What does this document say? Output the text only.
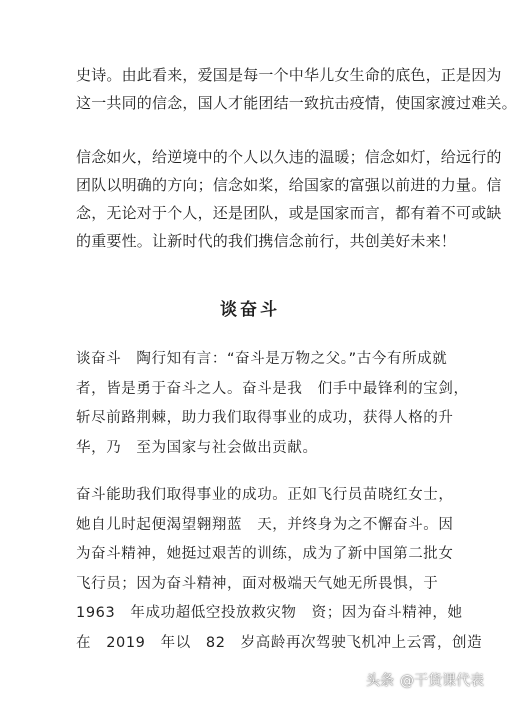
史诗。由此看来，爱国是每一个中华儿女生命的底色，正是因为
这一共同的信念，国人才能团结一致抗击疫情，使国家渡过难关。
信念如火，给逆境中的个人以久违的温暖；信念如灯，给远行的
团队以明确的方向；信念如桨，给国家的富强以前进的力量。信
念，无论对于个人，还是团队，或是国家而言，都有着不可或缺
的重要性。让新时代的我们携信念前行，共创美好未来！
谈奋斗
谈奋斗　陶行知有言：“奋斗是万物之父。”古今有所成就
者，皆是勇于奋斗之人。奋斗是我　们手中最锋利的宝剑，
斩尽前路荆棘，助力我们取得事业的成功，获得人格的升
华，乃　至为国家与社会做出贡献。
奋斗能助我们取得事业的成功。正如飞行员苗晓红女士，
她自儿时起便渴望翱翔蓝　天，并终身为之不懈奋斗。因
为奋斗精神，她挺过艰苦的训练，成为了新中国第二批女
飞行员；因为奋斗精神，面对极端天气她无所畏惧，于
1963　年成功超低空投放救灾物　资；因为奋斗精神，她
在　2019　年以　82　岁高龄再次驾驶飞机冲上云霄，创造
头条 @干货课代表
